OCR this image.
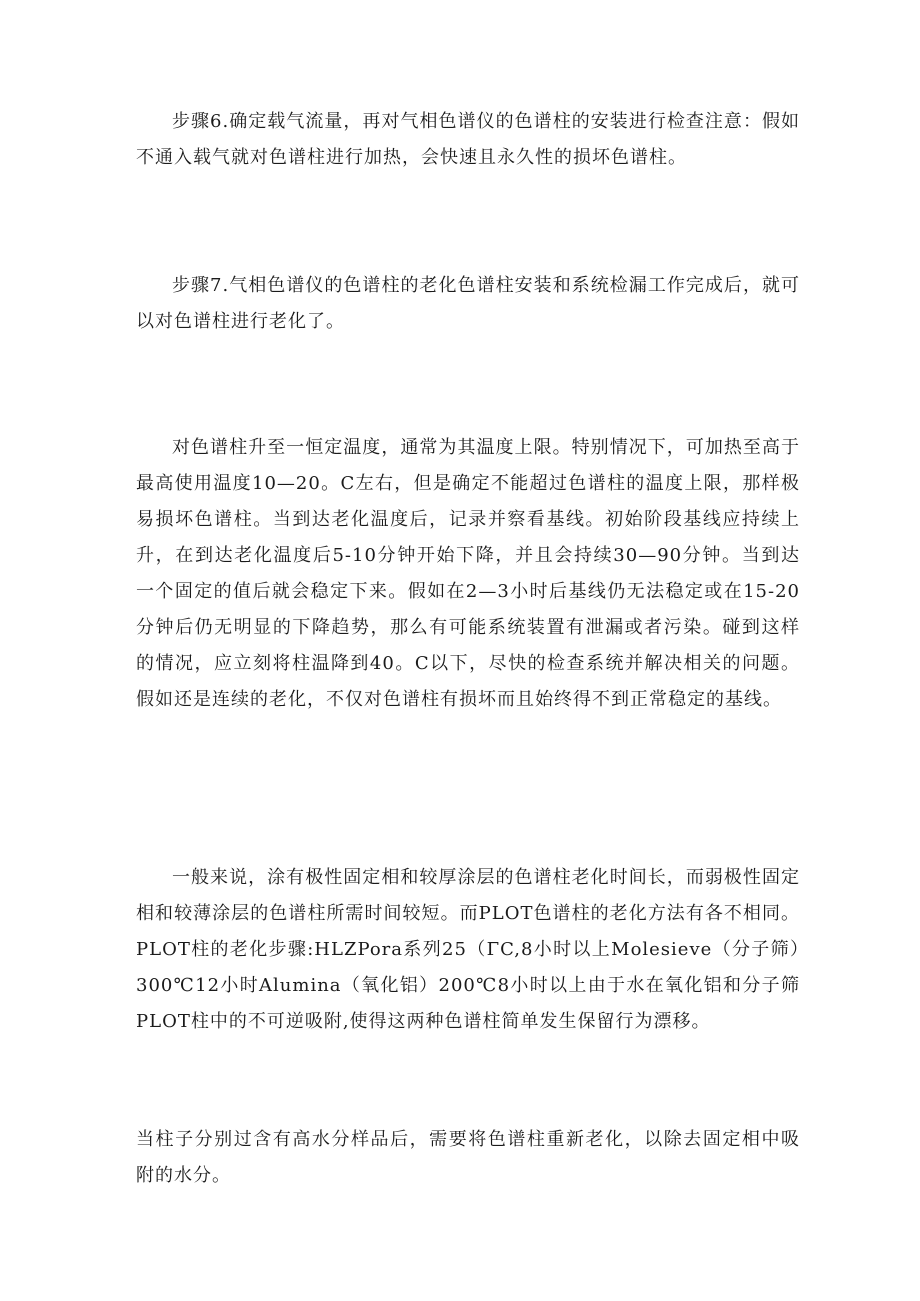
步骤6.确定载气流量，再对气相色谱仪的色谱柱的安装进行检查注意：假如不通入载气就对色谱柱进行加热，会快速且永久性的损坏色谱柱。

步骤7.气相色谱仪的色谱柱的老化色谱柱安装和系统检漏工作完成后，就可以对色谱柱进行老化了。

对色谱柱升至一恒定温度，通常为其温度上限。特别情况下，可加热至高于最高使用温度10—20。C左右，但是确定不能超过色谱柱的温度上限，那样极易损坏色谱柱。当到达老化温度后，记录并察看基线。初始阶段基线应持续上升，在到达老化温度后5-10分钟开始下降，并且会持续30—90分钟。当到达一个固定的值后就会稳定下来。假如在2—3小时后基线仍无法稳定或在15-20分钟后仍无明显的下降趋势，那么有可能系统装置有泄漏或者污染。碰到这样的情况，应立刻将柱温降到40。C以下，尽快的检查系统并解决相关的问题。假如还是连续的老化，不仅对色谱柱有损坏而且始终得不到正常稳定的基线。

一般来说，涂有极性固定相和较厚涂层的色谱柱老化时间长，而弱极性固定相和较薄涂层的色谱柱所需时间较短。而PLOT色谱柱的老化方法有各不相同。PLOT柱的老化步骤:HLZPora系列25（ΓC,8小时以上Molesieve（分子筛）300℃12小时Alumina（氧化铝）200℃8小时以上由于水在氧化铝和分子筛PLOT柱中的不可逆吸附,使得这两种色谱柱简单发生保留行为漂移。

当柱子分别过含有高水分样品后，需要将色谱柱重新老化，以除去固定相中吸附的水分。
